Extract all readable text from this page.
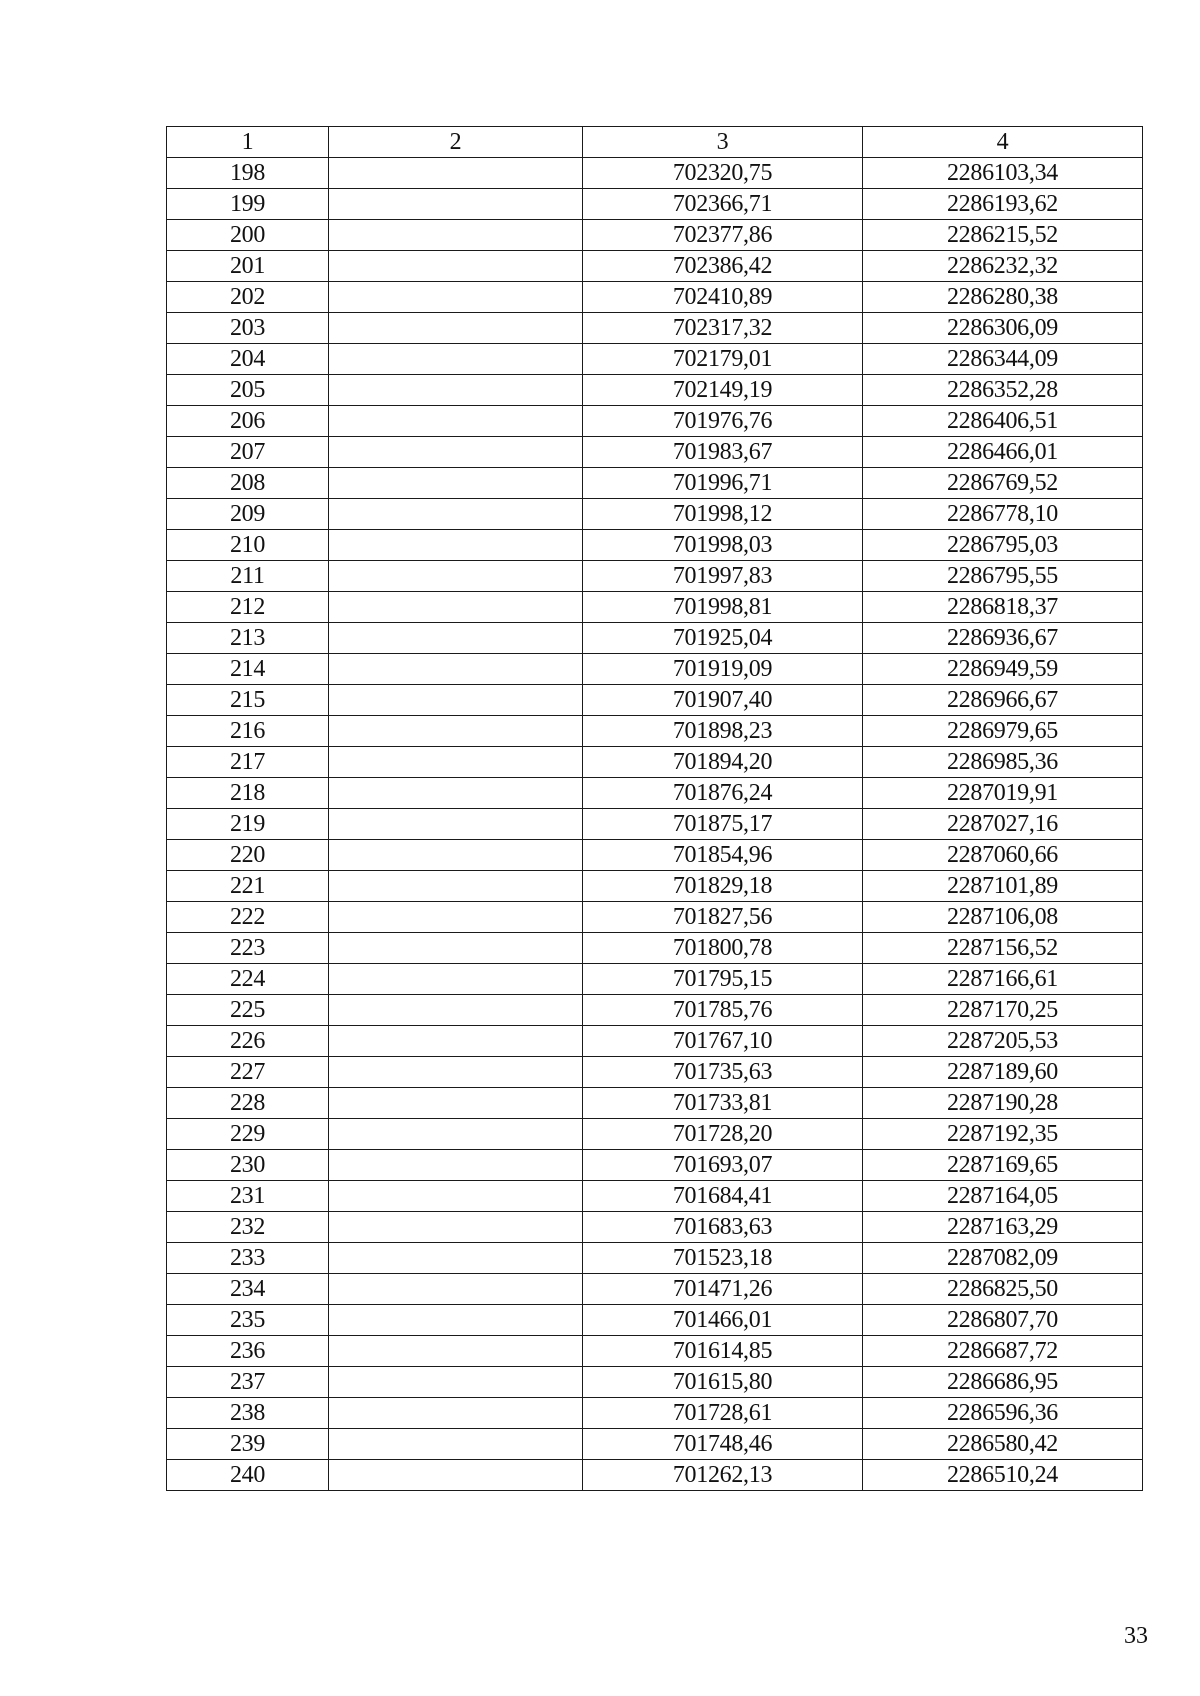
1	2	3	4
198		702320,75	2286103,34
199		702366,71	2286193,62
200		702377,86	2286215,52
201		702386,42	2286232,32
202		702410,89	2286280,38
203		702317,32	2286306,09
204		702179,01	2286344,09
205		702149,19	2286352,28
206		701976,76	2286406,51
207		701983,67	2286466,01
208		701996,71	2286769,52
209		701998,12	2286778,10
210		701998,03	2286795,03
211		701997,83	2286795,55
212		701998,81	2286818,37
213		701925,04	2286936,67
214		701919,09	2286949,59
215		701907,40	2286966,67
216		701898,23	2286979,65
217		701894,20	2286985,36
218		701876,24	2287019,91
219		701875,17	2287027,16
220		701854,96	2287060,66
221		701829,18	2287101,89
222		701827,56	2287106,08
223		701800,78	2287156,52
224		701795,15	2287166,61
225		701785,76	2287170,25
226		701767,10	2287205,53
227		701735,63	2287189,60
228		701733,81	2287190,28
229		701728,20	2287192,35
230		701693,07	2287169,65
231		701684,41	2287164,05
232		701683,63	2287163,29
233		701523,18	2287082,09
234		701471,26	2286825,50
235		701466,01	2286807,70
236		701614,85	2286687,72
237		701615,80	2286686,95
238		701728,61	2286596,36
239		701748,46	2286580,42
240		701262,13	2286510,24
33
